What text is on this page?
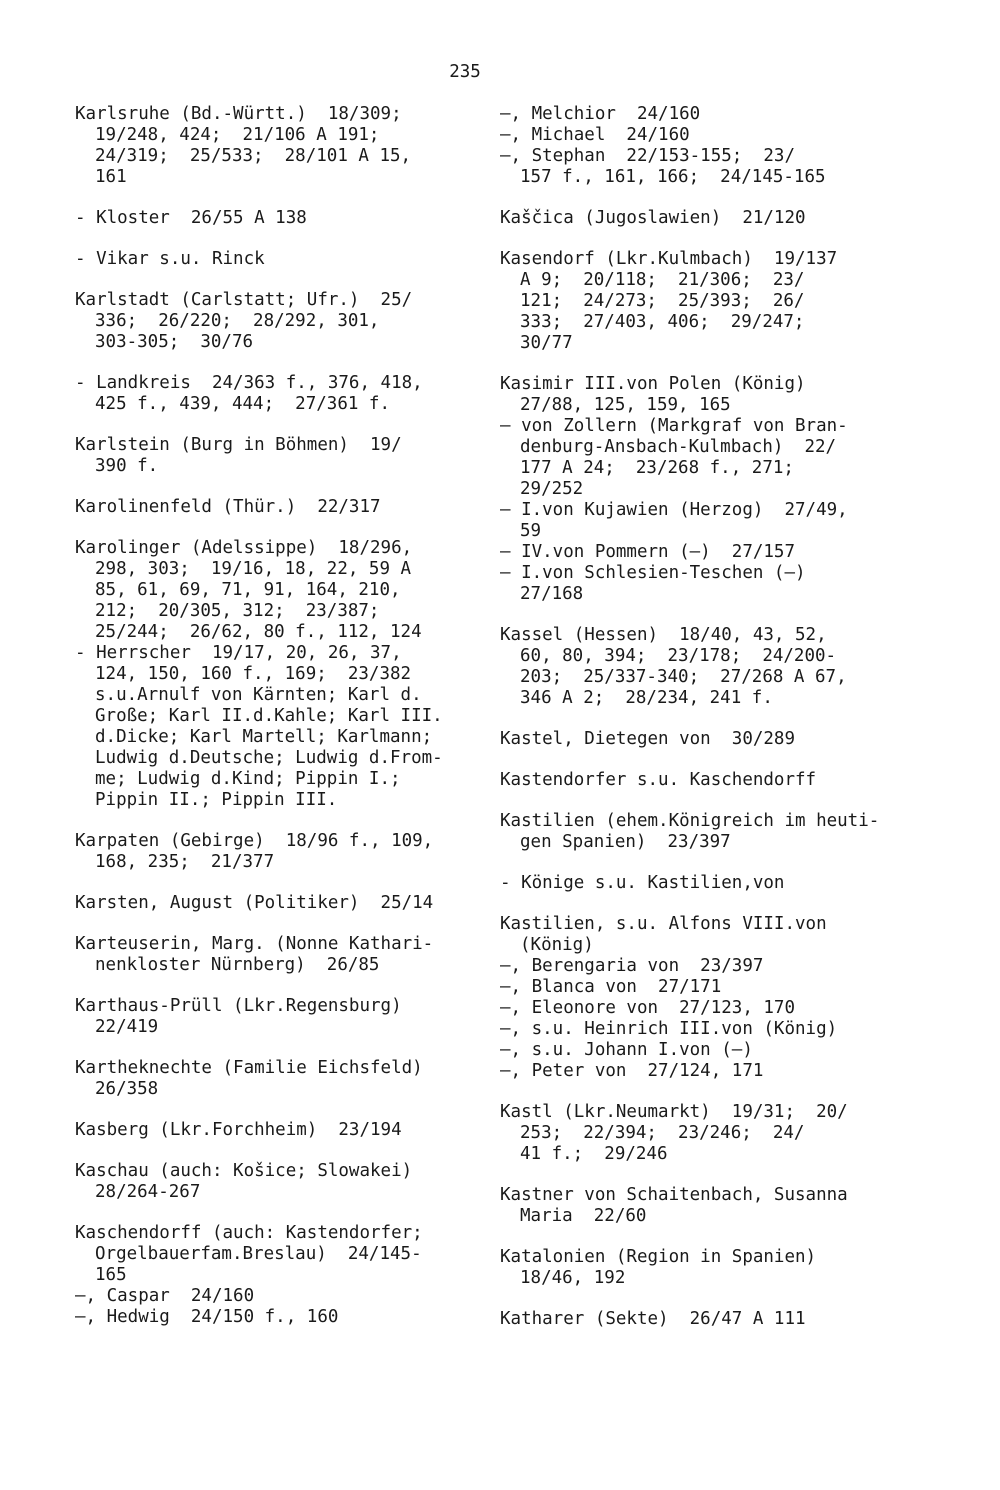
235
Karlsruhe (Bd.-Württ.)  18/309;
19/248, 424;  21/106 A 191;
24/319;  25/533;  28/101 A 15,
161
- Kloster  26/55 A 138
- Vikar s.u. Rinck
Karlstadt (Carlstatt; Ufr.)  25/
336;  26/220;  28/292, 301,
303-305;  30/76
- Landkreis  24/363 f., 376, 418,
425 f., 439, 444;  27/361 f.
Karlstein (Burg in Böhmen)  19/
390 f.
Karolinenfeld (Thür.)  22/317
Karolinger (Adelssippe)  18/296,
298, 303;  19/16, 18, 22, 59 A
85, 61, 69, 71, 91, 164, 210,
212;  20/305, 312;  23/387;
25/244;  26/62, 80 f., 112, 124
- Herrscher  19/17, 20, 26, 37,
124, 150, 160 f., 169;  23/382
s.u.Arnulf von Kärnten; Karl d.
Große; Karl II.d.Kahle; Karl III.
d.Dicke; Karl Martell; Karlmann;
Ludwig d.Deutsche; Ludwig d.From-
me; Ludwig d.Kind; Pippin I.;
Pippin II.; Pippin III.
Karpaten (Gebirge)  18/96 f., 109,
168, 235;  21/377
Karsten, August (Politiker)  25/14
Karteuserin, Marg. (Nonne Kathari-
nenkloster Nürnberg)  26/85
Karthaus-Prüll (Lkr.Regensburg)
22/419
Kartheknechte (Familie Eichsfeld)
26/358
Kasberg (Lkr.Forchheim)  23/194
Kaschau (auch: Košice; Slowakei)
28/264-267
Kaschendorff (auch: Kastendorfer;
Orgelbauerfam.Breslau)  24/145-
165
—, Caspar  24/160
—, Hedwig  24/150 f., 160
—, Melchior  24/160
—, Michael  24/160
—, Stephan  22/153-155;  23/
157 f., 161, 166;  24/145-165
Kaščica (Jugoslawien)  21/120
Kasendorf (Lkr.Kulmbach)  19/137
A 9;  20/118;  21/306;  23/
121;  24/273;  25/393;  26/
333;  27/403, 406;  29/247;
30/77
Kasimir III.von Polen (König)
27/88, 125, 159, 165
— von Zollern (Markgraf von Bran-
denburg-Ansbach-Kulmbach)  22/
177 A 24;  23/268 f., 271;
29/252
— I.von Kujawien (Herzog)  27/49,
59
— IV.von Pommern (—)  27/157
— I.von Schlesien-Teschen (—)
27/168
Kassel (Hessen)  18/40, 43, 52,
60, 80, 394;  23/178;  24/200-
203;  25/337-340;  27/268 A 67,
346 A 2;  28/234, 241 f.
Kastel, Dietegen von  30/289
Kastendorfer s.u. Kaschendorff
Kastilien (ehem.Königreich im heuti-
gen Spanien)  23/397
- Könige s.u. Kastilien,von
Kastilien, s.u. Alfons VIII.von
(König)
—, Berengaria von  23/397
—, Blanca von  27/171
—, Eleonore von  27/123, 170
—, s.u. Heinrich III.von (König)
—, s.u. Johann I.von (—)
—, Peter von  27/124, 171
Kastl (Lkr.Neumarkt)  19/31;  20/
253;  22/394;  23/246;  24/
41 f.;  29/246
Kastner von Schaitenbach, Susanna
Maria  22/60
Katalonien (Region in Spanien)
18/46, 192
Katharer (Sekte)  26/47 A 111
